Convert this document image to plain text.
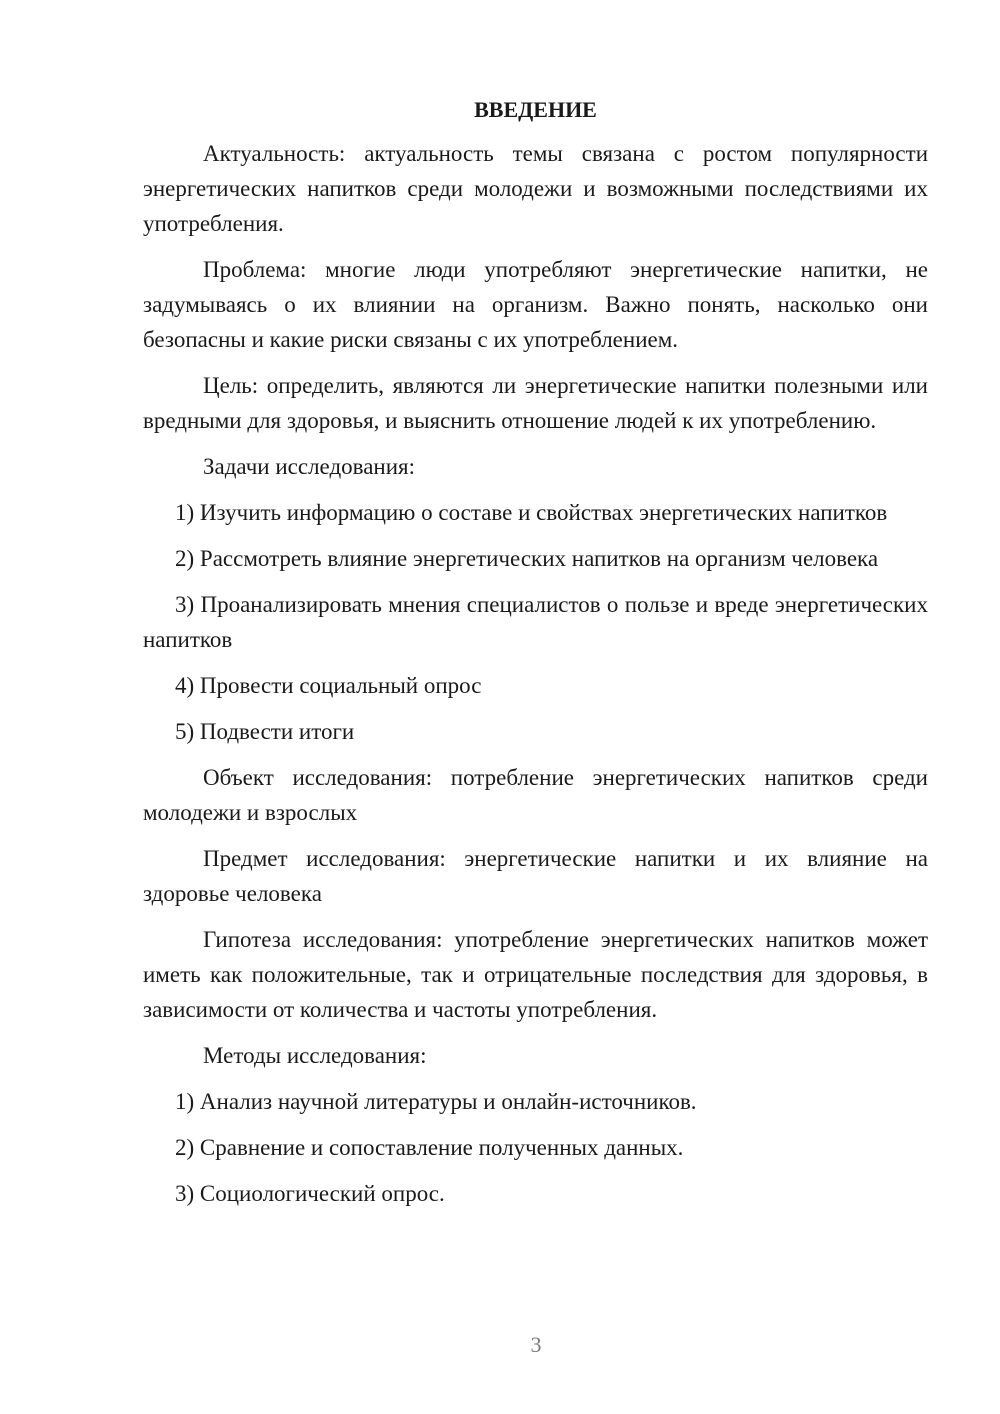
ВВЕДЕНИЕ

Актуальность: актуальность темы связана с ростом популярности энергетических напитков среди молодежи и возможными последствиями их употребления.

Проблема: многие люди употребляют энергетические напитки, не задумываясь о их влиянии на организм. Важно понять, насколько они безопасны и какие риски связаны с их употреблением.

Цель: определить, являются ли энергетические напитки полезными или вредными для здоровья, и выяснить отношение людей к их употреблению.

Задачи исследования:

1) Изучить информацию о составе и свойствах энергетических напитков

2) Рассмотреть влияние энергетических напитков на организм человека

3) Проанализировать мнения специалистов о пользе и вреде энергетических напитков

4) Провести социальный опрос

5) Подвести итоги

Объект исследования: потребление энергетических напитков среди молодежи и взрослых

Предмет исследования: энергетические напитки и их влияние на здоровье человека

Гипотеза исследования: употребление энергетических напитков может иметь как положительные, так и отрицательные последствия для здоровья, в зависимости от количества и частоты употребления.

Методы исследования:

1) Анализ научной литературы и онлайн-источников.

2) Сравнение и сопоставление полученных данных.

3) Социологический опрос.

3
